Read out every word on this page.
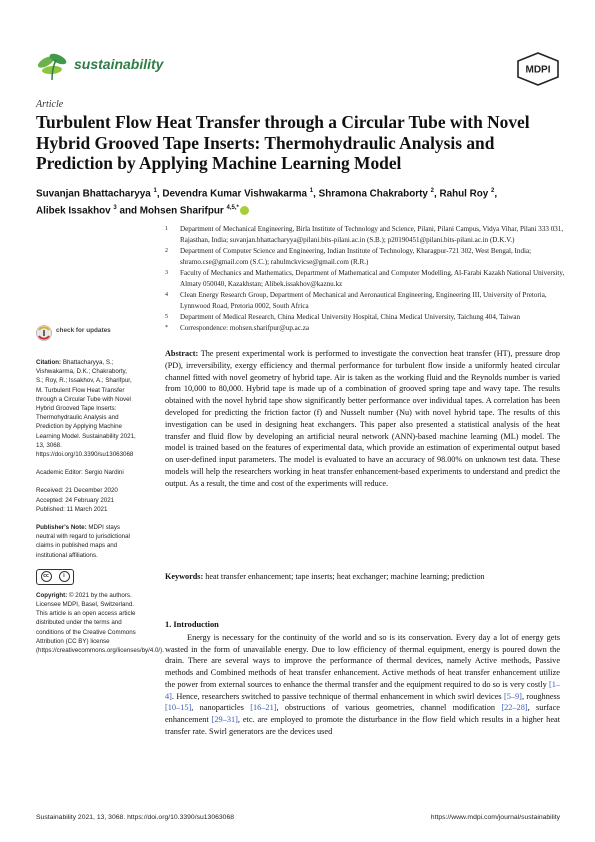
sustainability	MDPI
Article
Turbulent Flow Heat Transfer through a Circular Tube with Novel Hybrid Grooved Tape Inserts: Thermohydraulic Analysis and Prediction by Applying Machine Learning Model
Suvanjan Bhattacharyya $^1$, Devendra Kumar Vishwakarma $^1$, Shramona Chakraborty $^2$, Rahul Roy $^2$,
Alibek Issakhov $^3$ and Mohsen Sharifpur $^{4,5,*}$
1 Department of Mechanical Engineering, Birla Institute of Technology and Science, Pilani, Pilani Campus, Vidya Vihar, Pilani 333 031, Rajasthan, India; suvanjan.bhattacharyya@pilani.bits-pilani.ac.in (S.B.); p20190451@pilani.bits-pilani.ac.in (D.K.V.)
2 Department of Computer Science and Engineering, Indian Institute of Technology, Kharagpur-721 302, West Bengal, India; shramo.cse@gmail.com (S.C.); rahulmckvicse@gmail.com (R.R.)
3 Faculty of Mechanics and Mathematics, Department of Mathematical and Computer Modelling, Al-Farabi Kazakh National University, Almaty 050040, Kazakhstan; Alibek.issakhov@kaznu.kz
4 Clean Energy Research Group, Department of Mechanical and Aeronautical Engineering, Engineering III, University of Pretoria, Lynnwood Road, Pretoria 0002, South Africa
5 Department of Medical Research, China Medical University Hospital, China Medical University, Taichung 404, Taiwan
* Correspondence: mohsen.sharifpur@up.ac.za
check for updates
Citation: Bhattacharyya, S.; Vishwakarma, D.K.; Chakraborty, S.; Roy, R.; Issakhov, A.; Sharifpur, M. Turbulent Flow Heat Transfer through a Circular Tube with Novel Hybrid Grooved Tape Inserts: Thermohydraulic Analysis and Prediction by Applying Machine Learning Model. Sustainability 2021, 13, 3068. https://doi.org/10.3390/su13063068
Academic Editor: Sergio Nardini
Received: 21 December 2020
Accepted: 24 February 2021
Published: 11 March 2021
Publisher's Note: MDPI stays neutral with regard to jurisdictional claims in published maps and institutional affiliations.
cc	i
Copyright: © 2021 by the authors. Licensee MDPI, Basel, Switzerland. This article is an open access article distributed under the terms and conditions of the Creative Commons Attribution (CC BY) license (https://creativecommons.org/licenses/by/4.0/).
Abstract: The present experimental work is performed to investigate the convection heat transfer (HT), pressure drop (PD), irreversibility, exergy efficiency and thermal performance for turbulent flow inside a uniformly heated circular channel fitted with novel geometry of hybrid tape. Air is taken as the working fluid and the Reynolds number is varied from 10,000 to 80,000. Hybrid tape is made up of a combination of grooved spring tape and wavy tape. The results obtained with the novel hybrid tape show significantly better performance over individual tapes. A correlation has been developed for predicting the friction factor (f) and Nusselt number (Nu) with novel hybrid tape. The results of this investigation can be used in designing heat exchangers. This paper also presented a statistical analysis of the heat transfer and fluid flow by developing an artificial neural network (ANN)-based machine learning (ML) model. The model is trained based on the features of experimental data, which provide an estimation of experimental output based on user-defined input parameters. The model is evaluated to have an accuracy of 98.00% on unknown test data. These models will help the researchers working in heat transfer enhancement-based experiments to understand and predict the output. As a result, the time and cost of the experiments will reduce.
Keywords: heat transfer enhancement; tape inserts; heat exchanger; machine learning; prediction
1. Introduction
Energy is necessary for the continuity of the world and so is its conservation. Every day a lot of energy gets wasted in the form of unavailable energy. Due to low efficiency of thermal equipment, energy is poured down the drain. There are several ways to improve the performance of thermal devices, namely Active methods, Passive methods and Combined methods of heat transfer enhancement. Active methods of heat transfer enhancement utilize the power from external sources to enhance the thermal transfer and the equipment required to do so is very costly [1–4]. Hence, researchers switched to passive technique of thermal enhancement in which swirl devices [5–9], roughness [10–15], nanoparticles [16–21], obstructions of various geometries, channel modification [22–28], surface enhancement [29–31], etc. are employed to promote the disturbance in the flow field which results in a higher heat transfer rate. Swirl generators are the devices used
Sustainability 2021, 13, 3068. https://doi.org/10.3390/su13063068	https://www.mdpi.com/journal/sustainability
